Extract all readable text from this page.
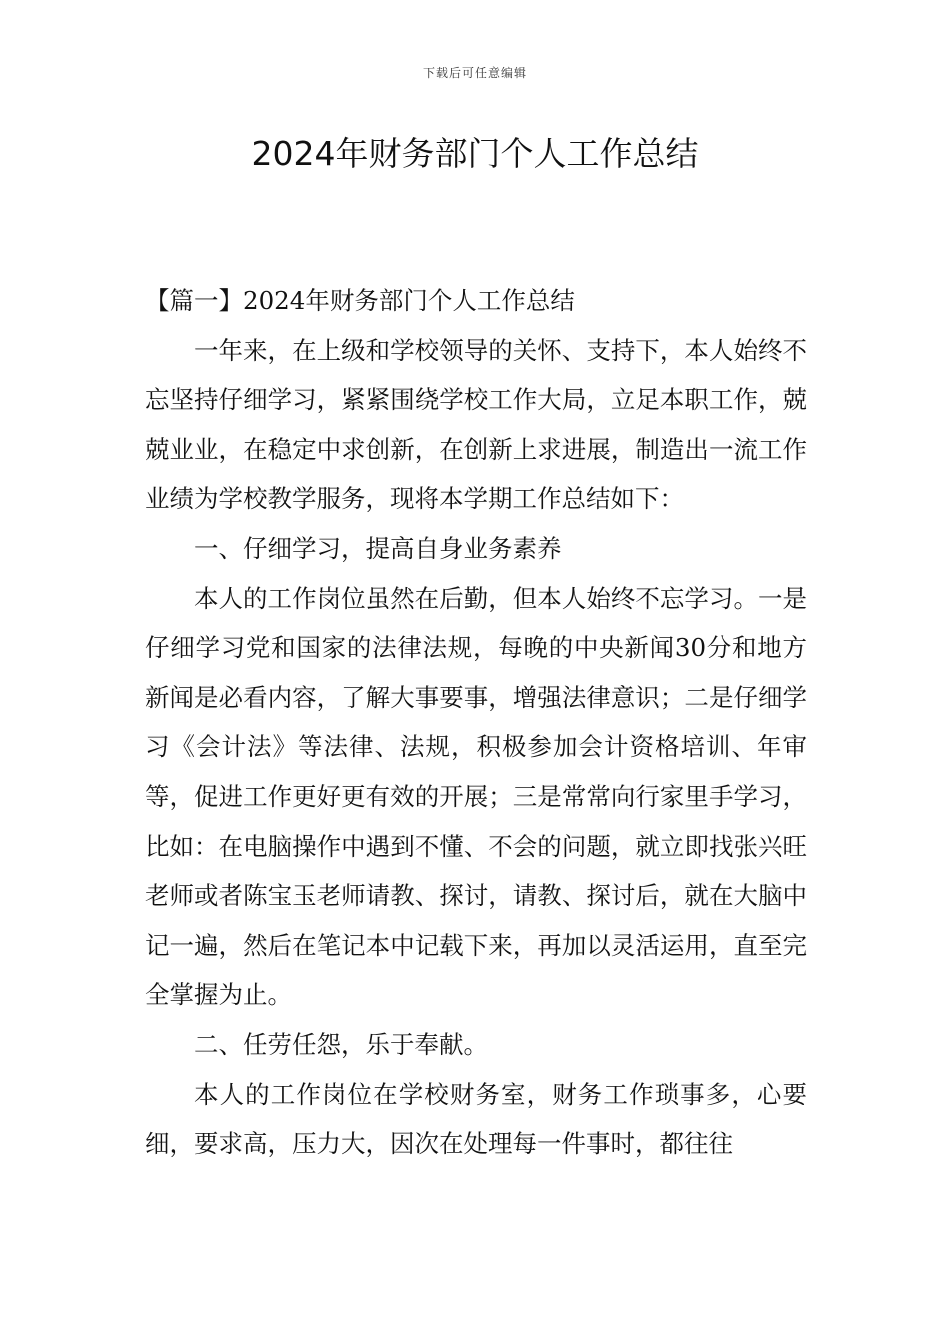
下载后可任意编辑
2024年财务部门个人工作总结

【篇一】2024年财务部门个人工作总结

一年来，在上级和学校领导的关怀、支持下，本人始终不忘坚持仔细学习，紧紧围绕学校工作大局，立足本职工作，兢兢业业，在稳定中求创新，在创新上求进展，制造出一流工作业绩为学校教学服务，现将本学期工作总结如下：

一、仔细学习，提高自身业务素养

本人的工作岗位虽然在后勤，但本人始终不忘学习。一是仔细学习党和国家的法律法规，每晚的中央新闻30分和地方新闻是必看内容，了解大事要事，增强法律意识；二是仔细学习《会计法》等法律、法规，积极参加会计资格培训、年审等，促进工作更好更有效的开展；三是常常向行家里手学习，比如：在电脑操作中遇到不懂、不会的问题，就立即找张兴旺老师或者陈宝玉老师请教、探讨，请教、探讨后，就在大脑中记一遍，然后在笔记本中记载下来，再加以灵活运用，直至完全掌握为止。

二、任劳任怨，乐于奉献。

本人的工作岗位在学校财务室，财务工作琐事多，心要细，要求高，压力大，因次在处理每一件事时，都往往
